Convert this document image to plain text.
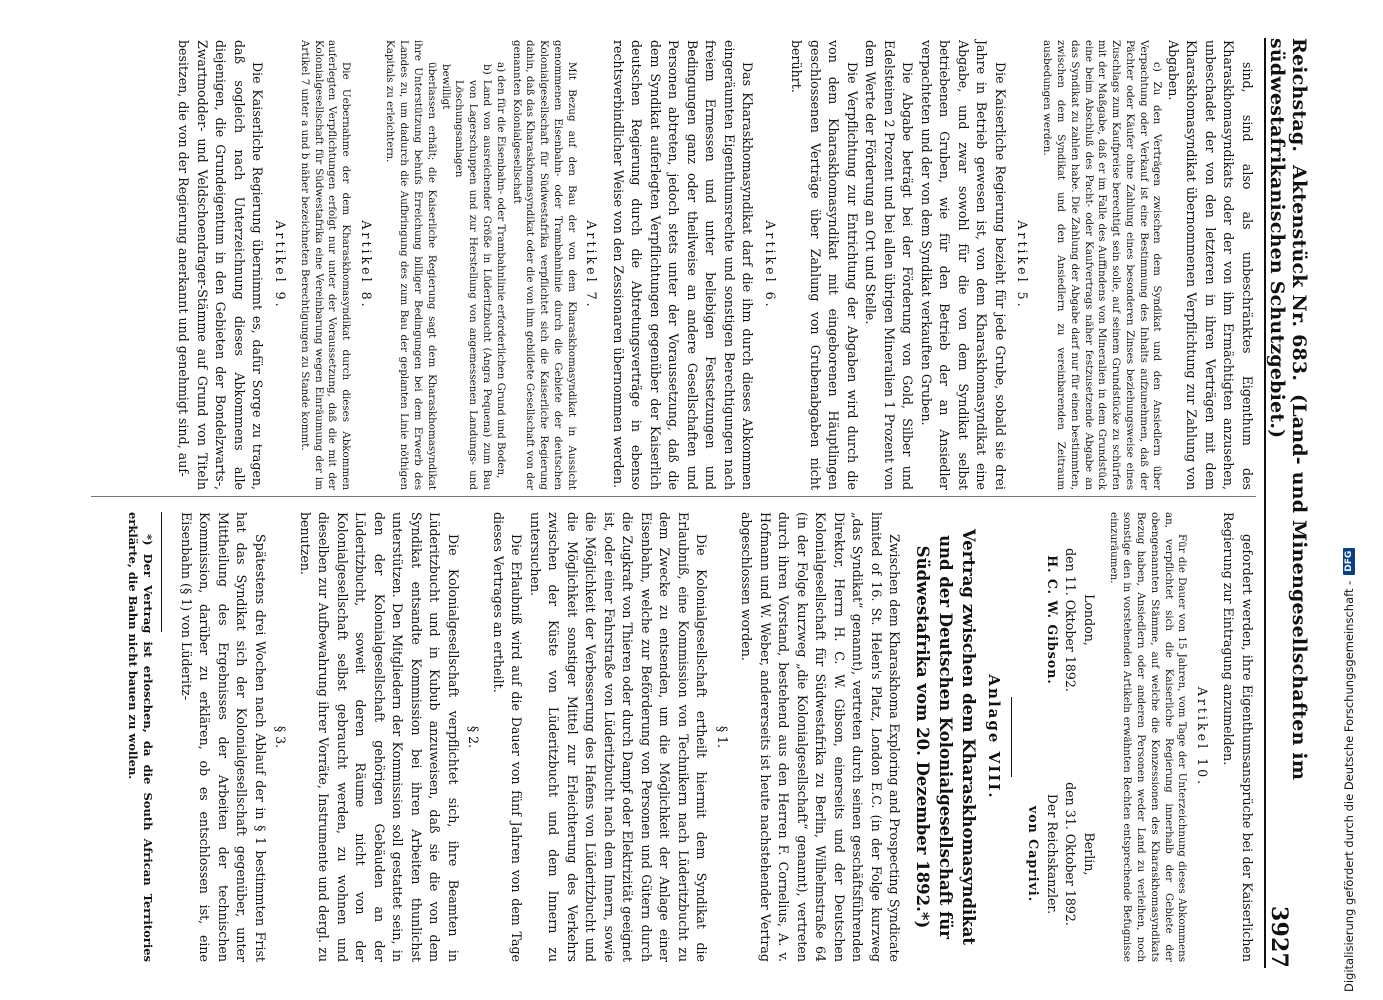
Reichstag. Aktenstück Nr. 683. (Land- und Minengesellschaften im südwestafrikanischen Schutzgebiet.)
3927

sind, sind also als unbeschränktes Eigenthum des Kharaskhomasyndikats oder der von ihm Ermächtigten anzusehen, unbeschadet der von den letzteren in ihren Verträgen mit dem Kharaskhomasyndikat übernommenen Verpflichtung zur Zahlung von Abgaben.

c) Zu den Verträgen zwischen dem Syndikat und den Ansiedlern über Verpachtung oder Verkauf ist eine Bestimmung des Inhalts aufzunehmen, daß der Pächter oder Käufer ohne Zahlung eines besonderen Zinses beziehungsweise eines Zuschlags zum Kaufpreise berechtigt sein solle, auf seinem Grundstücke zu schürfen mit der Maßgabe, daß er im Falle des Auffindens von Mineralien in dem Grundstück eine beim Abschluß des Pacht- oder Kaufvertrags näher festzusetzende Abgabe an das Syndikat zu zahlen habe. Die Zahlung der Abgabe darf nur für einen bestimmten, zwischen dem Syndikat und den Ansiedlern zu vereinbarenden Zeitraum ausbedungen werden.

Artikel 5.

Die Kaiserliche Regierung bezieht für jede Grube, sobald sie drei Jahre in Betrieb gewesen ist, von dem Kharaskhomasyndikat eine Abgabe, und zwar sowohl für die von dem Syndikat selbst betriebenen Gruben, wie für den Betrieb der an Ansiedler verpachteten und der von dem Syndikat verkauften Gruben.

Die Abgabe beträgt bei der Förderung von Gold, Silber und Edelsteinen 2 Prozent und bei allen übrigen Mineralien 1 Prozent von dem Werte der Förderung an Ort und Stelle.

Die Verpflichtung zur Entrichtung der Abgaben wird durch die von dem Kharaskhomasyndikat mit eingeborenen Häuptlingen geschlossenen Verträge über Zahlung von Grubenabgaben nicht berührt.

Artikel 6.

Das Kharaskhomasyndikat darf die ihm durch dieses Abkommen eingeräumten Eigenthumsrechte und sonstigen Berechtigungen nach freiem Ermessen und unter beliebigen Festsetzungen und Bedingungen ganz oder theilweise an andere Gesellschaften und Personen abtreten, jedoch stets unter der Voraussetzung, daß die dem Syndikat auferlegten Verpflichtungen gegenüber der Kaiserlich deutschen Regierung durch die Abtretungsverträge in ebenso rechtsverbindlicher Weise von den Zessionaren übernommen werden.

Artikel 7.

Mit Bezug auf den Bau der von dem Kharaskhomasyndikat in Aussicht genommenen Eisenbahn- oder Trambahnlinie durch die Gebiete der deutschen Kolonialgesellschaft für Südwestafrika verpflichtet sich die Kaiserliche Regierung dahin, daß das Kharaskhomasyndikat oder die von ihm gebildete Gesellschaft von der genannten Kolonialgesellschaft

a) den für die Eisenbahn- oder Trambahnlinie erforderlichen Grund und Boden,

b) Land von ausreichender Größe in Lüderitzbucht (Angra Pequena) zum Bau von Lagerschuppen und zur Herstellung von angemessenen Landungs- und Löschungsanlagen

bewilligt

überlassen erhält; die Kaiserliche Regierung sagt dem Kharaskhomasyndikat ihre Unterstützung behufs Erreichung billiger Bedingungen bei dem Erwerb des Landes zu, um dadurch die Aufbringung des zum Bau der geplanten Linie nöthigen Kapitals zu erleichtern.

Artikel 8.

Die Uebernahme der dem Kharaskhomasyndikat durch dieses Abkommen auferlegten Verpflichtungen erfolgt nur unter der Voraussetzung, daß die mit der Kolonialgesellschaft für Südwestafrika eine Vereinbarung wegen Einräumung der im Artikel 7 unter a und b näher bezeichneten Berechtigungen zu Stande kommt.

Artikel 9.

Die Kaiserliche Regierung übernimmt es, dafür Sorge zu tragen, daß sogleich nach Unterzeichnung dieses Abkommens alle diejenigen, die Grundeigentum in den Gebieten der Bondelzwarts-, Zwartmodder- und Veldschoendrager-Stämme auf Grund von Titeln besitzen, die von der Regierung anerkannt und genehmigt sind, auf-

gefordert werden, ihre Eigenthumsansprüche bei der Kaiserlichen Regierung zur Eintragung anzumelden.

Artikel 10.

Für die Dauer von 15 Jahren, vom Tage der Unterzeichnung dieses Abkommens an, verpflichtet sich die Kaiserliche Regierung innerhalb der Gebiete der obengenannten Stämme, auf welche die Konzessionen des Kharaskhomasyndikats Bezug haben, Ansiedlern oder anderen Personen weder Land zu verleihen, noch sonstige den in vorstehenden Artikeln erwähnten Rechten entsprechende Befugnisse einzuräumen.

London,
den 11. Oktober 1892.
H. C. W. Gibson.
Berlin,
den 31. Oktober 1892.
Der Reichskanzler.
von Caprivi.
Anlage VIII.
Vertrag zwischen dem Kharaskhomasyndikat und der Deutschen Kolonialgesellschaft für Südwestafrika vom 20. Dezember 1892.*)

Zwischen dem Kharaskhoma Exploring and Prospecting Syndicate limited of 16. St. Helen's Platz, London E.C. (in der Folge kurzweg „das Syndikat“ genannt), vertreten durch seinen geschäftsführenden Direktor, Herrn H. C. W. Gibson, einerseits und der Deutschen Kolonialgesellschaft für Südwestafrika zu Berlin, Wilhelmstraße 64 (in der Folge kurzweg „die Kolonialgesellschaft“ genannt), vertreten durch ihren Vorstand, bestehend aus den Herren F. Cornelius, A. v. Hofmann und W. Weber, andererseits ist heute nachstehender Vertrag abgeschlossen worden.

§ 1.

Die Kolonialgesellschaft ertheilt hiermit dem Syndikat die Erlaubniß, eine Kommission von Technikern nach Lüderitzbucht zu dem Zwecke zu entsenden, um die Möglichkeit der Anlage einer Eisenbahn, welche zur Beförderung von Personen und Gütern durch die Zugkraft von Thieren oder durch Dampf oder Elektrizität geeignet ist, oder einer Fahrstraße von Lüderitzbucht nach dem Innern, sowie die Möglichkeit der Verbesserung des Hafens von Lüderitzbucht und die Möglichkeit sonstiger Mittel zur Erleichterung des Verkehrs zwischen der Küste von Lüderitzbucht und dem Innern zu untersuchen.

Die Erlaubniß wird auf die Dauer von fünf Jahren von dem Tage dieses Vertrages an ertheilt.

§ 2.

Die Kolonialgesellschaft verpflichtet sich, ihre Beamten in Lüderitzbucht und in Kubub anzuweisen, daß sie die von dem Syndikat entsandte Kommission bei ihren Arbeiten thunlichst unterstützen. Den Mitgliedern der Kommission soll gestattet sein, in den der Kolonialgesellschaft gehörigen Gebäuden an der Lüderitzbucht, soweit deren Räume nicht von der Kolonialgesellschaft selbst gebraucht werden, zu wohnen und dieselben zur Aufbewahrung ihrer Vorräte, Instrumente und dergl. zu benutzen.

§ 3.

Spätestens drei Wochen nach Ablauf der in § 1 bestimmten Frist hat das Syndikat sich der Kolonialgesellschaft gegenüber, unter Mittheilung des Ergebnisses der Arbeiten der technischen Kommission, darüber zu erklären, ob es entschlossen ist, eine Eisenbahn (§ 1) von Lüderitz-

*) Der Vertrag ist erloschen, da die South African Territories erklärte, die Bahn nicht bauen zu wollen.	Digitalisierung gefördert durch die Deutsche Forschungsgemeinschaft -
DFG
